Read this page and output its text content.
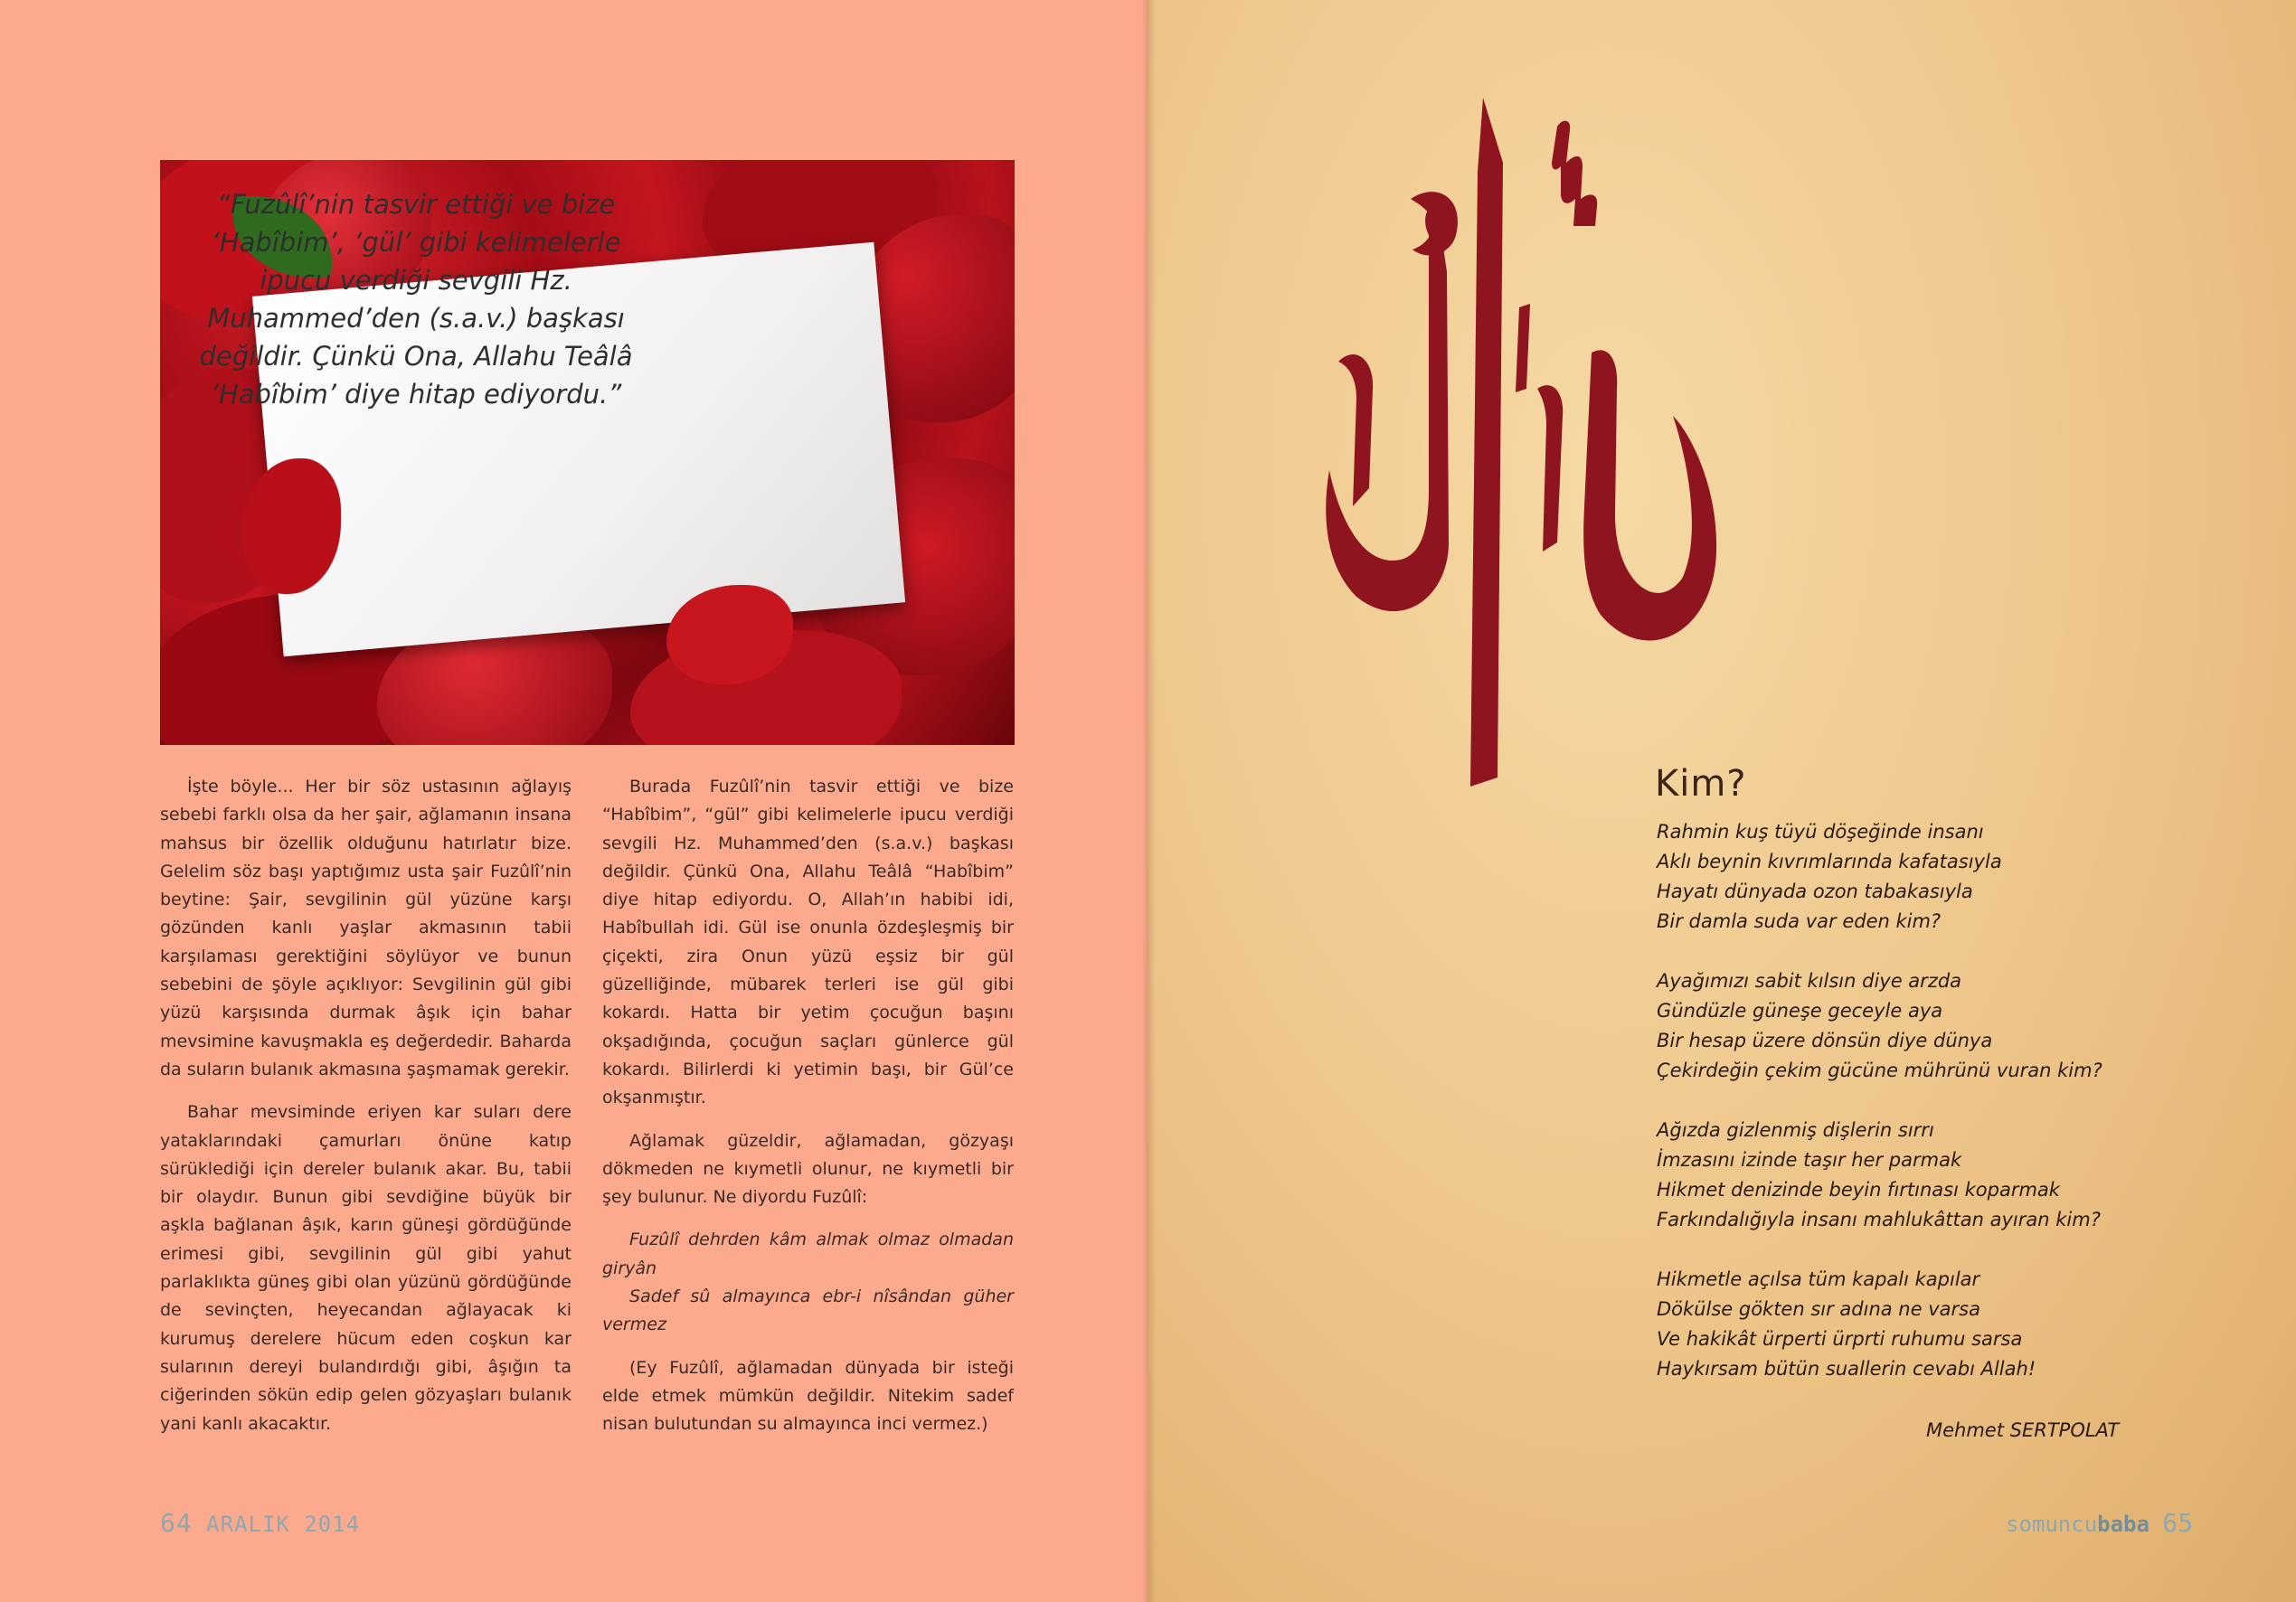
“Fuzûlî’nin tasvir ettiği ve bize
‘Habîbim’, ‘gül’ gibi kelimelerle
ipucu verdiği sevgili Hz.
Muhammed’den (s.a.v.) başkası
değildir. Çünkü Ona, Allahu Teâlâ
‘Habîbim’ diye hitap ediyordu.”

İşte böyle... Her bir söz ustasının ağlayış sebebi farklı olsa da her şair, ağlamanın insana mahsus bir özellik olduğunu hatırlatır bize. Gelelim söz başı yaptığımız usta şair Fuzûlî’nin beytine: Şair, sevgilinin gül yüzüne karşı gözünden kanlı yaşlar akmasının tabii karşılaması gerektiğini söylüyor ve bunun sebebini de şöyle açıklıyor: Sevgilinin gül gibi yüzü karşısında durmak âşık için bahar mevsimine kavuşmakla eş değerdedir. Baharda da suların bulanık akmasına şaşmamak gerekir.

Bahar mevsiminde eriyen kar suları dere yataklarındaki çamurları önüne katıp sürüklediği için dereler bulanık akar. Bu, tabii bir olaydır. Bunun gibi sevdiğine büyük bir aşkla bağlanan âşık, karın güneşi gördüğünde erimesi gibi, sevgilinin gül gibi yahut parlaklıkta güneş gibi olan yüzünü gördüğünde de sevinçten, heyecandan ağlayacak ki kurumuş derelere hücum eden coşkun kar sularının dereyi bulandırdığı gibi, âşığın ta ciğerinden sökün edip gelen gözyaşları bulanık yani kanlı akacaktır.

Burada Fuzûlî’nin tasvir ettiği ve bize “Habîbim”, “gül” gibi kelimelerle ipucu verdiği sevgili Hz. Muhammed’den (s.a.v.) başkası değildir. Çünkü Ona, Allahu Teâlâ “Habîbim” diye hitap ediyordu. O, Allah’ın habibi idi, Habîbullah idi. Gül ise onunla özdeşleşmiş bir çiçekti, zira Onun yüzü eşsiz bir gül güzelliğinde, mübarek terleri ise gül gibi kokardı. Hatta bir yetim çocuğun başını okşadığında, çocuğun saçları günlerce gül kokardı. Bilirlerdi ki yetimin başı, bir Gül’ce okşanmıştır.

Ağlamak güzeldir, ağlamadan, gözyaşı dökmeden ne kıymetli olunur, ne kıymetli bir şey bulunur. Ne diyordu Fuzûlî:

Fuzûlî dehrden kâm almak olmaz olmadan giryân

Sadef sû almayınca ebr-i nîsândan güher vermez

(Ey Fuzûlî, ağlamadan dünyada bir isteği elde etmek mümkün değildir. Nitekim sadef nisan bulutundan su almayınca inci vermez.)

64 ARALIK 2014
Kim?
Rahmin kuş tüyü döşeğinde insanı
Aklı beynin kıvrımlarında kafatasıyla
Hayatı dünyada ozon tabakasıyla
Bir damla suda var eden kim?
Ayağımızı sabit kılsın diye arzda
Gündüzle güneşe geceyle aya
Bir hesap üzere dönsün diye dünya
Çekirdeğin çekim gücüne mührünü vuran kim?
Ağızda gizlenmiş dişlerin sırrı
İmzasını izinde taşır her parmak
Hikmet denizinde beyin fırtınası koparmak
Farkındalığıyla insanı mahlukâttan ayıran kim?
Hikmetle açılsa tüm kapalı kapılar
Dökülse gökten sır adına ne varsa
Ve hakikât ürperti ürprti ruhumu sarsa
Haykırsam bütün suallerin cevabı Allah!
Mehmet SERTPOLAT
somuncubaba 65
